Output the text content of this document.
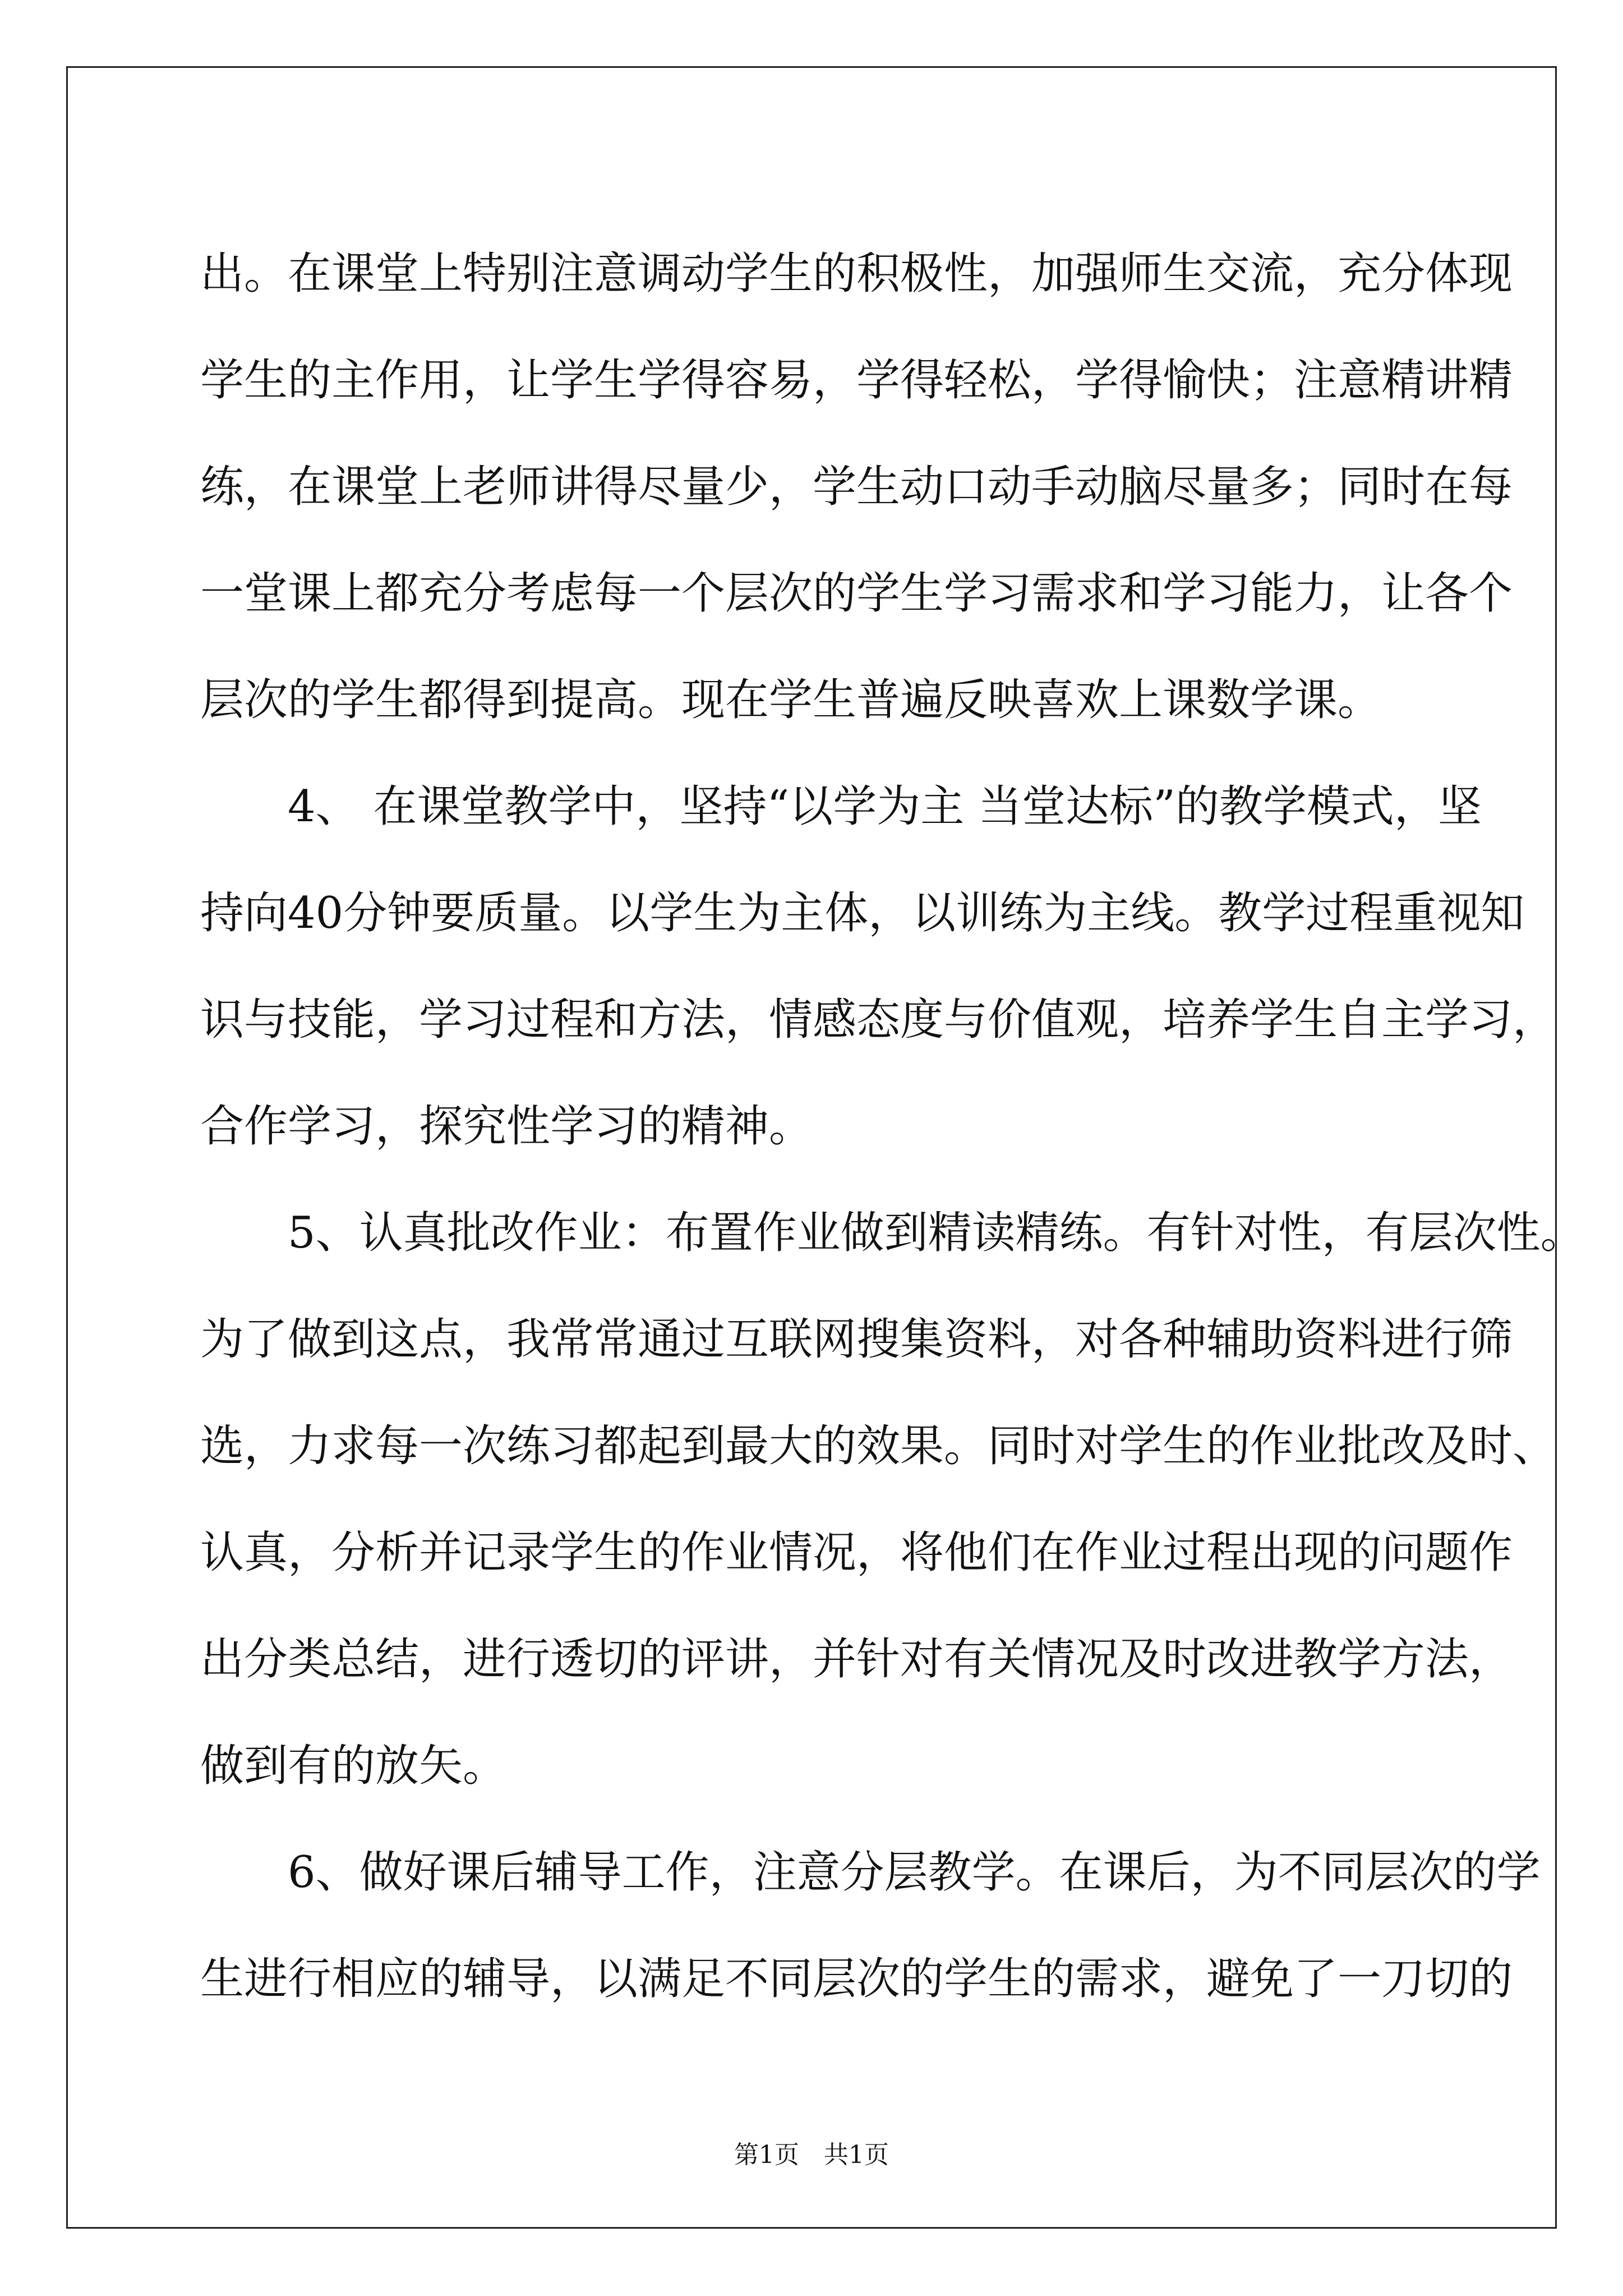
出。在课堂上特别注意调动学生的积极性，加强师生交流，充分体现
学生的主作用，让学生学得容易，学得轻松，学得愉快；注意精讲精
练，在课堂上老师讲得尽量少，学生动口动手动脑尽量多；同时在每
一堂课上都充分考虑每一个层次的学生学习需求和学习能力，让各个
层次的学生都得到提高。现在学生普遍反映喜欢上课数学课。
　　4、 在课堂教学中，坚持“以学为主 当堂达标”的教学模式，坚
持向40分钟要质量。以学生为主体，以训练为主线。教学过程重视知
识与技能，学习过程和方法，情感态度与价值观，培养学生自主学习，
合作学习，探究性学习的精神。
　　5、认真批改作业：布置作业做到精读精练。有针对性，有层次性。
为了做到这点，我常常通过互联网搜集资料，对各种辅助资料进行筛
选，力求每一次练习都起到最大的效果。同时对学生的作业批改及时、
认真，分析并记录学生的作业情况，将他们在作业过程出现的问题作
出分类总结，进行透切的评讲，并针对有关情况及时改进教学方法，
做到有的放矢。
　　6、做好课后辅导工作，注意分层教学。在课后，为不同层次的学
生进行相应的辅导，以满足不同层次的学生的需求，避免了一刀切的
第1页　共1页
